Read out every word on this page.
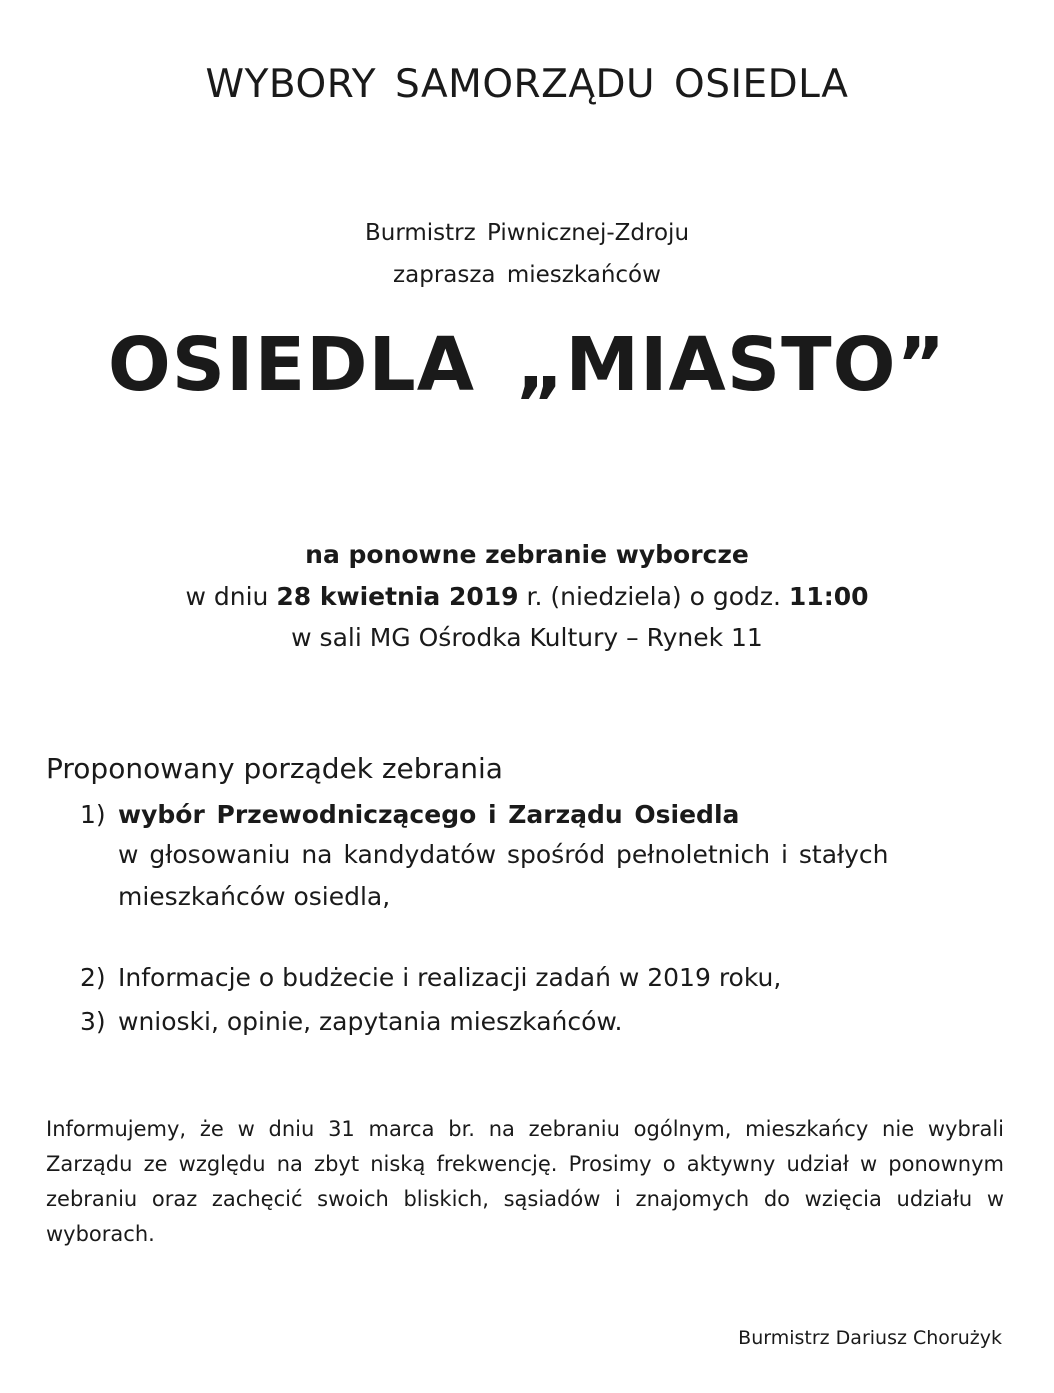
WYBORY SAMORZĄDU OSIEDLA
Burmistrz Piwnicznej-Zdroju
zaprasza mieszkańców
OSIEDLA „MIASTO”
na ponowne zebranie wyborcze
w dniu 28 kwietnia 2019 r. (niedziela) o godz. 11:00
w sali MG Ośrodka Kultury – Rynek 11
Proponowany porządek zebrania
1) wybór Przewodniczącego i Zarządu Osiedla
w głosowaniu na kandydatów spośród pełnoletnich i stałych
mieszkańców osiedla,
2) Informacje o budżecie i realizacji zadań w 2019 roku,
3) wnioski, opinie, zapytania mieszkańców.
Informujemy, że w dniu 31 marca br. na zebraniu ogólnym, mieszkańcy nie wybrali Zarządu ze względu na zbyt niską frekwencję. Prosimy o aktywny udział w ponownym zebraniu oraz zachęcić swoich bliskich, sąsiadów i znajomych do wzięcia udziału w wyborach.
Burmistrz Dariusz Chorużyk
